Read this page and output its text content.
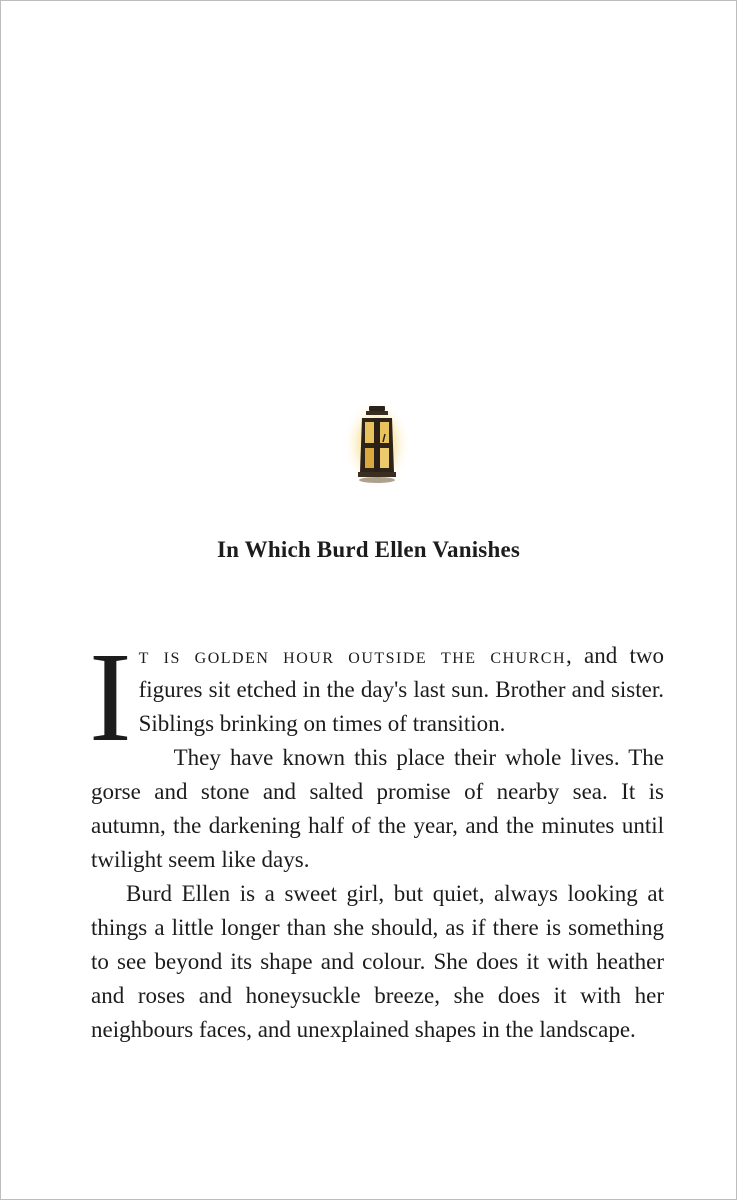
In Which Burd Ellen Vanishes

I t is golden hour outside the church, and two figures sit etched in the day's last sun. Brother and sister. Siblings brinking on times of transition.

They have known this place their whole lives. The gorse and stone and salted promise of nearby sea. It is autumn, the darkening half of the year, and the minutes until twilight seem like days.

Burd Ellen is a sweet girl, but quiet, always looking at things a little longer than she should, as if there is something to see beyond its shape and colour. She does it with heather and roses and honeysuckle breeze, she does it with her neighbours faces, and unexplained shapes in the landscape.
